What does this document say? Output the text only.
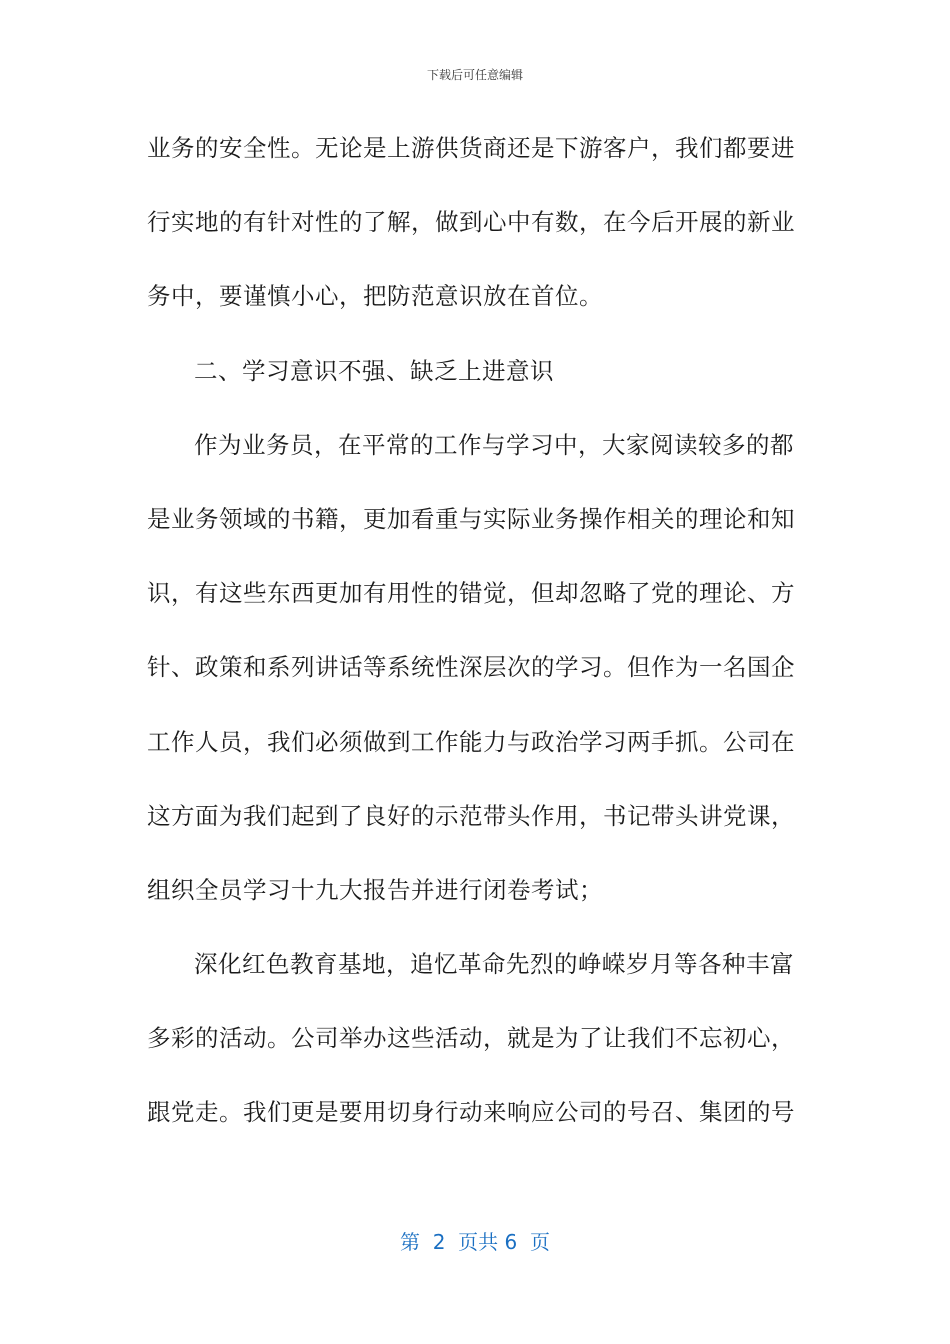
下载后可任意编辑
业务的安全性。无论是上游供货商还是下游客户，我们都要进
行实地的有针对性的了解，做到心中有数，在今后开展的新业
务中，要谨慎小心，把防范意识放在首位。
二、学习意识不强、缺乏上进意识
作为业务员，在平常的工作与学习中，大家阅读较多的都
是业务领域的书籍，更加看重与实际业务操作相关的理论和知
识，有这些东西更加有用性的错觉，但却忽略了党的理论、方
针、政策和系列讲话等系统性深层次的学习。但作为一名国企
工作人员，我们必须做到工作能力与政治学习两手抓。公司在
这方面为我们起到了良好的示范带头作用，书记带头讲党课，
组织全员学习十九大报告并进行闭卷考试；
深化红色教育基地，追忆革命先烈的峥嵘岁月等各种丰富
多彩的活动。公司举办这些活动，就是为了让我们不忘初心，
跟党走。我们更是要用切身行动来响应公司的号召、集团的号
第  2  页共 6  页
